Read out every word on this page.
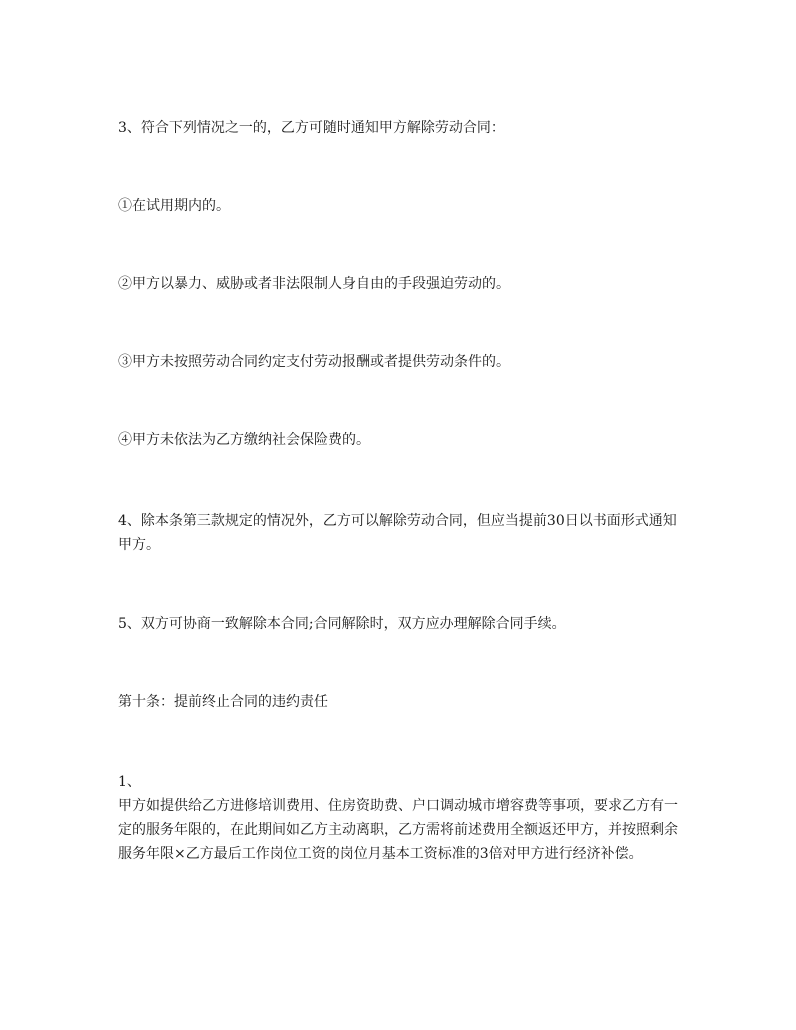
3、符合下列情况之一的，乙方可随时通知甲方解除劳动合同：

①在试用期内的。

②甲方以暴力、威胁或者非法限制人身自由的手段强迫劳动的。

③甲方未按照劳动合同约定支付劳动报酬或者提供劳动条件的。

④甲方未依法为乙方缴纳社会保险费的。

4、除本条第三款规定的情况外，乙方可以解除劳动合同，但应当提前30日以书面形式通知甲方。

5、双方可协商一致解除本合同;合同解除时，双方应办理解除合同手续。

第十条：提前终止合同的违约责任

1、

甲方如提供给乙方进修培训费用、住房资助费、户口调动城市增容费等事项，要求乙方有一定的服务年限的，在此期间如乙方主动离职，乙方需将前述费用全额返还甲方，并按照剩余服务年限×乙方最后工作岗位工资的岗位月基本工资标准的3倍对甲方进行经济补偿。
